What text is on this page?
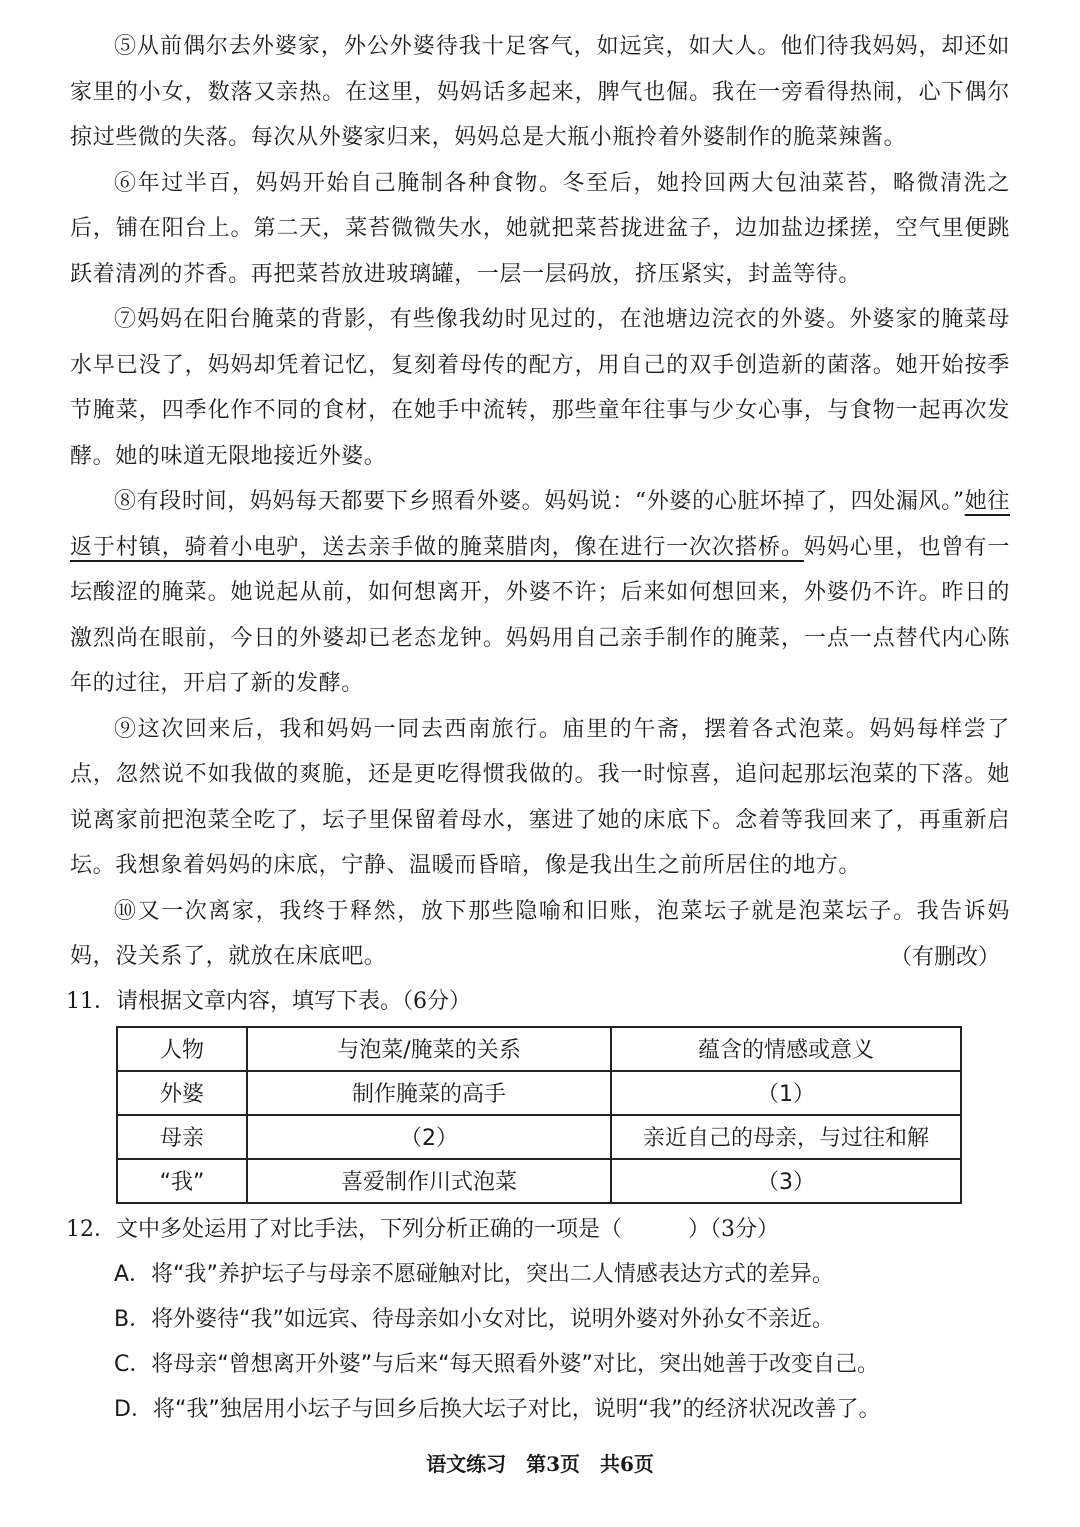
⑤从前偶尔去外婆家，外公外婆待我十足客气，如远宾，如大人。他们待我妈妈，却还如家里的小女，数落又亲热。在这里，妈妈话多起来，脾气也倔。我在一旁看得热闹，心下偶尔掠过些微的失落。每次从外婆家归来，妈妈总是大瓶小瓶拎着外婆制作的脆菜辣酱。

⑥年过半百，妈妈开始自己腌制各种食物。冬至后，她拎回两大包油菜苔，略微清洗之后，铺在阳台上。第二天，菜苔微微失水，她就把菜苔拢进盆子，边加盐边揉搓，空气里便跳跃着清冽的芥香。再把菜苔放进玻璃罐，一层一层码放，挤压紧实，封盖等待。

⑦妈妈在阳台腌菜的背影，有些像我幼时见过的，在池塘边浣衣的外婆。外婆家的腌菜母水早已没了，妈妈却凭着记忆，复刻着母传的配方，用自己的双手创造新的菌落。她开始按季节腌菜，四季化作不同的食材，在她手中流转，那些童年往事与少女心事，与食物一起再次发酵。她的味道无限地接近外婆。

⑧有段时间，妈妈每天都要下乡照看外婆。妈妈说：“外婆的心脏坏掉了，四处漏风。”她往返于村镇，骑着小电驴，送去亲手做的腌菜腊肉，像在进行一次次搭桥。妈妈心里，也曾有一坛酸涩的腌菜。她说起从前，如何想离开，外婆不许；后来如何想回来，外婆仍不许。昨日的激烈尚在眼前，今日的外婆却已老态龙钟。妈妈用自己亲手制作的腌菜，一点一点替代内心陈年的过往，开启了新的发酵。

⑨这次回来后，我和妈妈一同去西南旅行。庙里的午斋，摆着各式泡菜。妈妈每样尝了点，忽然说不如我做的爽脆，还是更吃得惯我做的。我一时惊喜，追问起那坛泡菜的下落。她说离家前把泡菜全吃了，坛子里保留着母水，塞进了她的床底下。念着等我回来了，再重新启坛。我想象着妈妈的床底，宁静、温暖而昏暗，像是我出生之前所居住的地方。

⑩又一次离家，我终于释然，放下那些隐喻和旧账，泡菜坛子就是泡菜坛子。我告诉妈妈，没关系了，就放在床底吧。	（有删改）

11．请根据文章内容，填写下表。（6分）

人物	与泡菜/腌菜的关系	蕴含的情感或意义
外婆	制作腌菜的高手	（1）
母亲	（2）	亲近自己的母亲，与过往和解
“我”	喜爱制作川式泡菜	（3）

12．文中多处运用了对比手法，下列分析正确的一项是（　　　）（3分）

A．将“我”养护坛子与母亲不愿碰触对比，突出二人情感表达方式的差异。
B．将外婆待“我”如远宾、待母亲如小女对比，说明外婆对外孙女不亲近。
C．将母亲“曾想离开外婆”与后来“每天照看外婆”对比，突出她善于改变自己。
D．将“我”独居用小坛子与回乡后换大坛子对比，说明“我”的经济状况改善了。
语文练习　第3页　共6页
